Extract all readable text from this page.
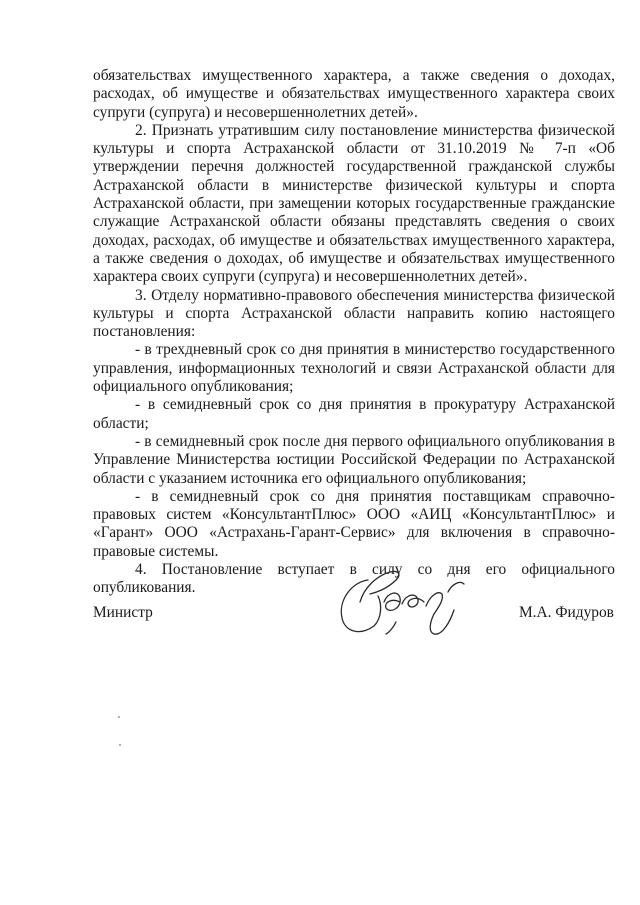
обязательствах имущественного характера, а также сведения о доходах, расходах, об имуществе и обязательствах имущественного характера своих супруги (супруга) и несовершеннолетних детей».

2. Признать утратившим силу постановление министерства физической культуры и спорта Астраханской области от 31.10.2019 № 7-п «Об утверждении перечня должностей государственной гражданской службы Астраханской области в министерстве физической культуры и спорта Астраханской области, при замещении которых государственные гражданские служащие Астраханской области обязаны представлять сведения о своих доходах, расходах, об имуществе и обязательствах имущественного характера, а также сведения о доходах, об имуществе и обязательствах имущественного характера своих супруги (супруга) и несовершеннолетних детей».

3. Отделу нормативно-правового обеспечения министерства физической культуры и спорта Астраханской области направить копию настоящего постановления:

- в трехдневный срок со дня принятия в министерство государственного управления, информационных технологий и связи Астраханской области для официального опубликования;

- в семидневный срок со дня принятия в прокуратуру Астраханской области;

- в семидневный срок после дня первого официального опубликования в Управление Министерства юстиции Российской Федерации по Астраханской области с указанием источника его официального опубликования;

- в семидневный срок со дня принятия поставщикам справочно-правовых систем «КонсультантПлюс» ООО «АИЦ «КонсультантПлюс» и «Гарант» ООО «Астрахань-Гарант-Сервис» для включения в справочно-правовые системы.

4. Постановление вступает в силу со дня его официального опубликования.

Министр	М.А. Фидуров
